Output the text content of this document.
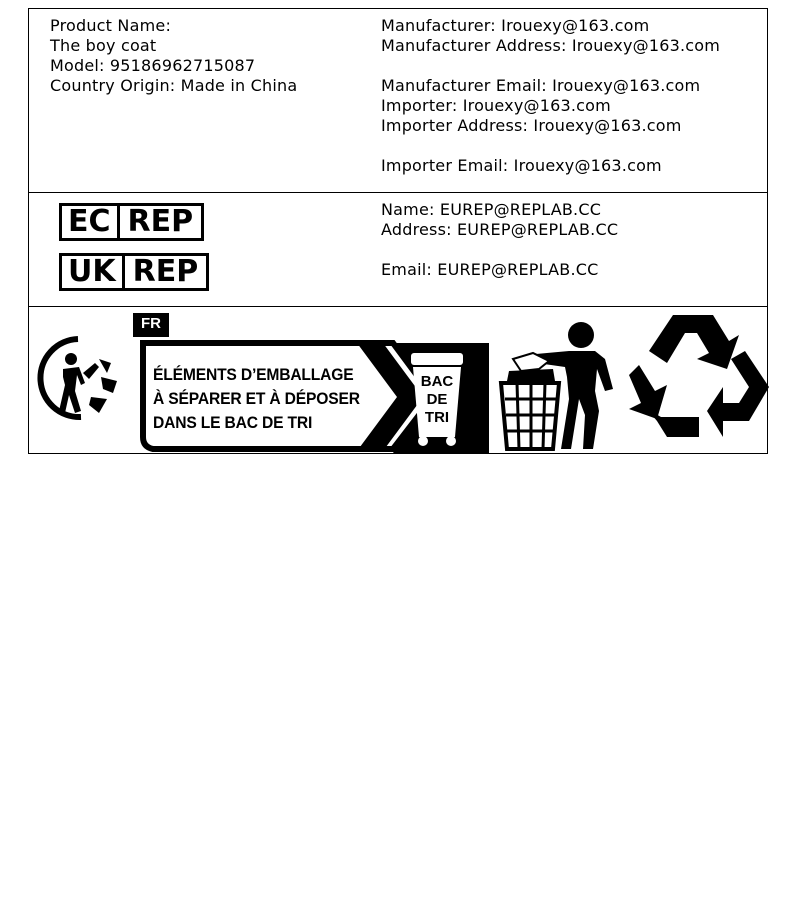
Product Name:
The boy coat
Model: 95186962715087
Country Origin: Made in China
Manufacturer: Irouexy@163.com
Manufacturer Address: Irouexy@163.com
Manufacturer Email: Irouexy@163.com
Importer: Irouexy@163.com
Importer Address: Irouexy@163.com
Importer Email: Irouexy@163.com
Name: EUREP@REPLAB.CC
Address: EUREP@REPLAB.CC
Email: EUREP@REPLAB.CC
FR
ÉLÉMENTS D’EMBALLAGE
À SÉPARER ET À DÉPOSER
DANS LE BAC DE TRI
BAC
DE
TRI
EC REP
UK REP
